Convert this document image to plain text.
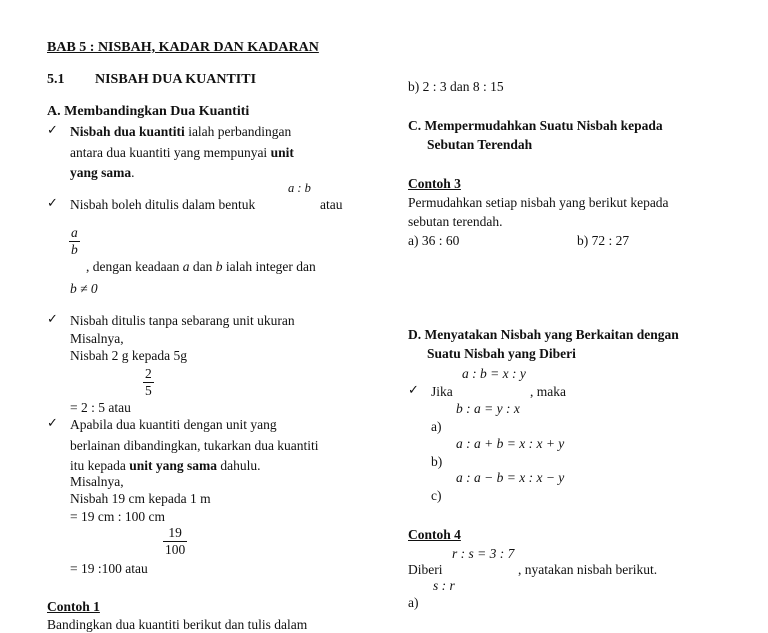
BAB 5 : NISBAH, KADAR DAN KADARAN
5.1 NISBAH DUA KUANTITI
A. Membandingkan Dua Kuantiti
✓ Nisbah dua kuantiti ialah perbandingan
antara dua kuantiti yang mempunyai unit
yang sama.
a : b
✓ Nisbah boleh ditulis dalam bentuk	atau
$\frac{a}{b}$
, dengan keadaan a dan b ialah integer dan
b ≠ 0
✓ Nisbah ditulis tanpa sebarang unit ukuran
Misalnya,
Nisbah 2 g kepada 5g
$\frac{2}{5}$
= 2 : 5 atau
✓ Apabila dua kuantiti dengan unit yang
berlainan dibandingkan, tukarkan dua kuantiti
itu kepada unit yang sama dahulu.
Misalnya,
Nisbah 19 cm kepada 1 m
= 19 cm : 100 cm
$\frac{19}{100}$
= 19 :100 atau
Contoh 1
Bandingkan dua kuantiti berikut dan tulis dalam
b) 2 : 3 dan 8 : 15
C. Mempermudahkan Suatu Nisbah kepada
Sebutan Terendah
Contoh 3
Permudahkan setiap nisbah yang berikut kepada
sebutan terendah.
a) 36 : 60	b) 72 : 27
D. Menyatakan Nisbah yang Berkaitan dengan
Suatu Nisbah yang Diberi
a : b = x : y
✓ Jika	, maka
b : a = y : x
a)
a : a + b = x : x + y
b)
a : a − b = x : x − y
c)
Contoh 4
r : s = 3 : 7
Diberi	, nyatakan nisbah berikut.
s : r
a)
